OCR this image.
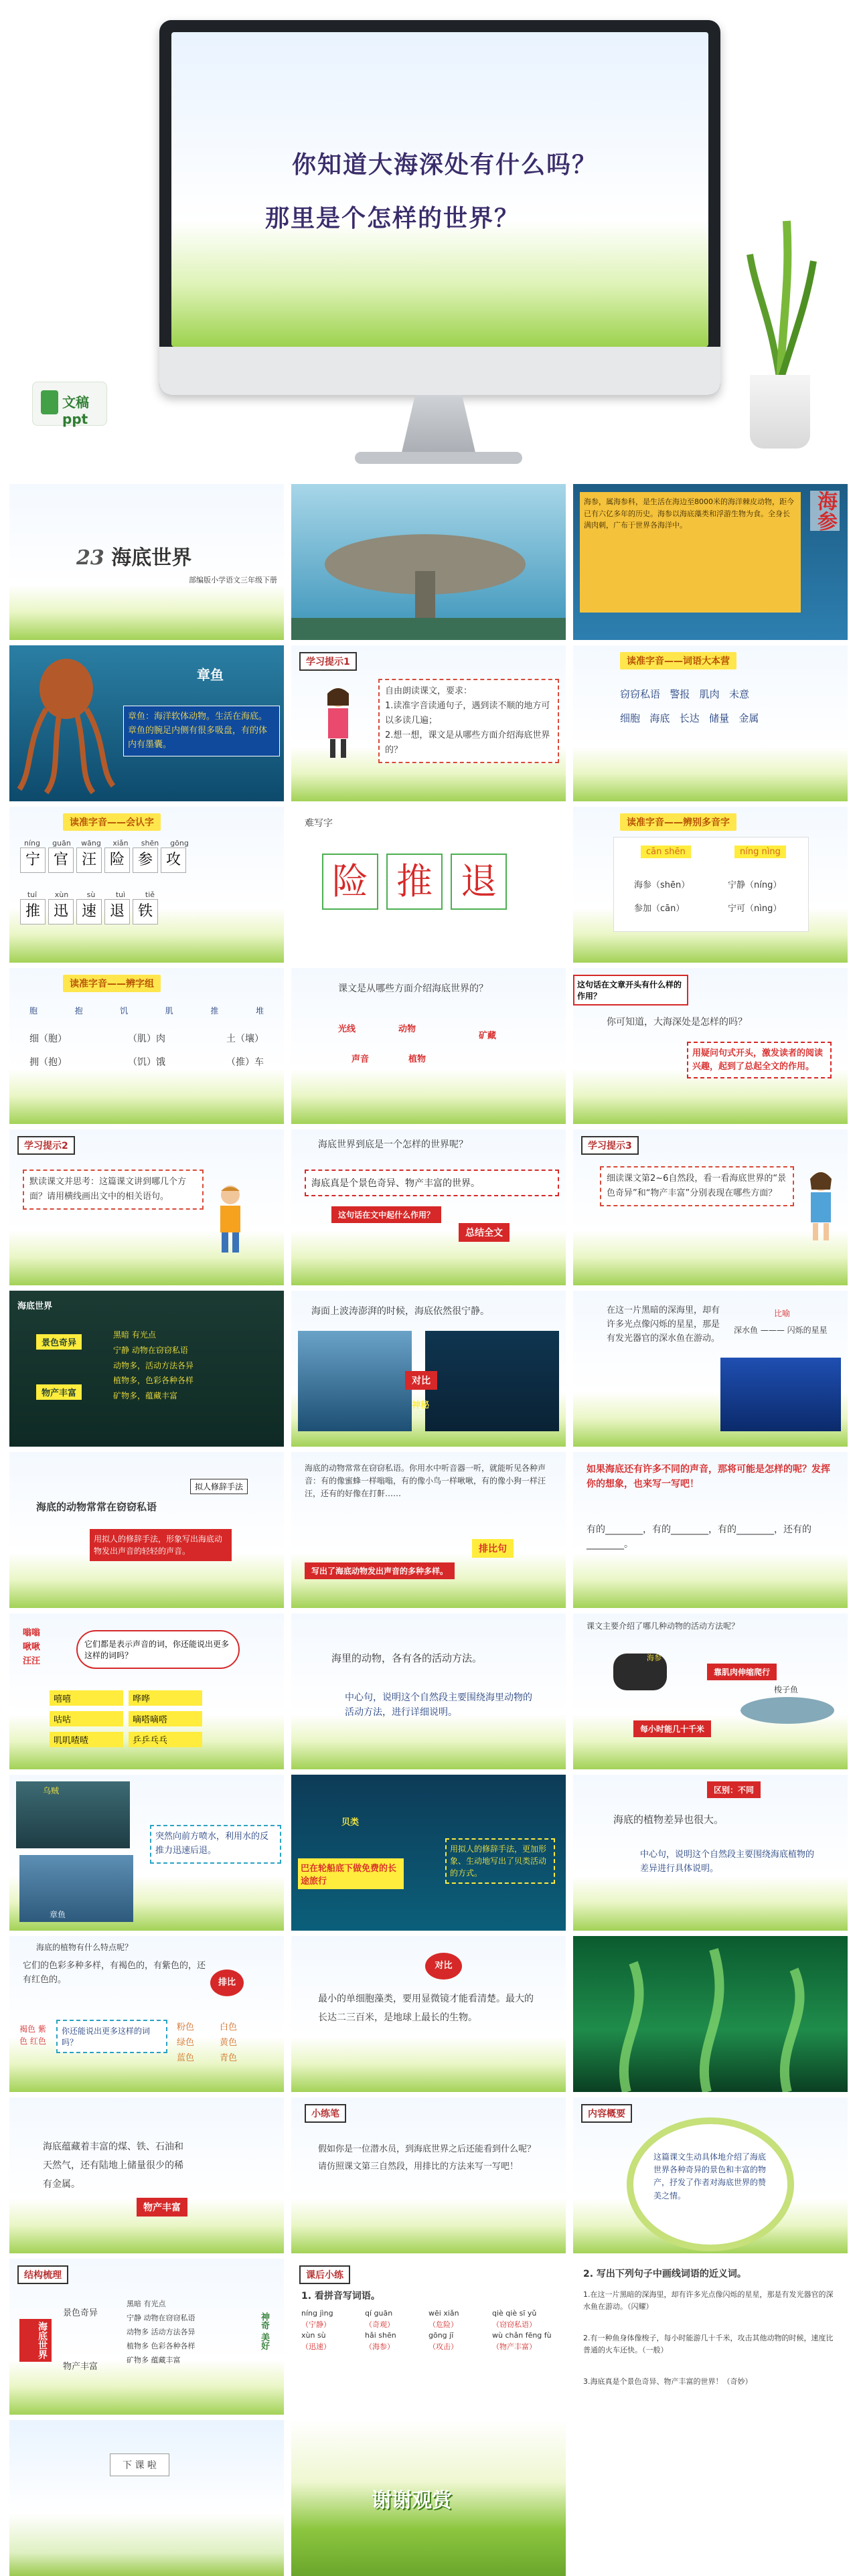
你知道大海深处有什么吗？
那里是个怎样的世界？
文稿ppt
23 海底世界
部编版小学语文三年级下册
海参，属海参科，是生活在海边至8000米的海洋棘皮动物，距今已有六亿多年的历史。海参以海底藻类和浮游生物为食。全身长满肉刺，广布于世界各海洋中。	海参
章鱼
章鱼：海洋软体动物。生活在海底。章鱼的腕足内侧有很多吸盘，有的体内有墨囊。
学习提示1
自由朗读课文，要求：
1.读准字音读通句子，遇到读不顺的地方可以多读几遍；
2.想一想，课文是从哪些方面介绍海底世界的？
读准字音——词语大本营
窃窃私语 警报 肌肉 未意
细胞 海底 长达 储量 金属
读准字音——会认字
níng	guān	wāng	xiǎn	shēn	gōng
宁 官 汪 险 参 攻
tuī	xùn	sù	tuì	tiě
推 迅 速 退 铁
难写字
险 推 退
读准字音——辨别多音字
cān shēn	níng nìng
海参（shēn）	宁静（níng）
参加（cān）	宁可（nìng）
读准字音——辨字组
胞	抱	饥	肌	推	堆
细（胞）	（肌）肉	土（壤）
拥（抱）	（饥）饿	（推）车
课文是从哪些方面介绍海底世界的？
光线	动物
矿藏
声音	植物
这句话在文章开头有什么样的作用？
你可知道，大海深处是怎样的吗？
用疑问句式开头，激发读者的阅读兴趣，起到了总起全文的作用。
学习提示2
默读课文并思考：这篇课文讲到哪几个方面？请用横线画出文中的相关语句。
海底世界到底是一个怎样的世界呢？
海底真是个景色奇异、物产丰富的世界。
这句话在文中起什么作用？
总结全文
学习提示3
细读课文第2~6自然段，看一看海底世界的“景色奇异”和“物产丰富”分别表现在哪些方面？
海底世界
景色奇异
物产丰富
黑暗 有光点
宁静 动物在窃窃私语
动物多，活动方法各异
植物多，色彩各种各样
矿物多，蕴藏丰富
海面上波涛澎湃的时候，海底依然很宁静。
对比
神秘
在这一片黑暗的深海里，却有许多光点像闪烁的星星，那是有发光器官的深水鱼在游动。
比喻
深水鱼 ——— 闪烁的星星
拟人修辞手法
海底的动物常常在窃窃私语
用拟人的修辞手法，形象写出海底动物发出声音的轻轻的声音。
海底的动物常常在窃窃私语。你用水中听音器一听，就能听见各种声音：有的像蜜蜂一样嗡嗡，有的像小鸟一样啾啾，有的像小狗一样汪汪，还有的好像在打鼾……
排比句
写出了海底动物发出声音的多种多样。
如果海底还有许多不同的声音，那将可能是怎样的呢？发挥你的想象，也来写一写吧！
有的________，有的________，有的________，还有的________。
嗡嗡
啾啾
汪汪
它们都是表示声音的词，你还能说出更多这样的词吗？
嘻嘻	哗哗
咕咕	嘀嗒嘀嗒
叽叽喳喳	乒乒乓乓
海里的动物，各有各的活动方法。
中心句，说明这个自然段主要围绕海里动物的活动方法，进行详细说明。
课文主要介绍了哪几种动物的活动方法呢？
海参
靠肌肉伸缩爬行
梭子鱼
每小时能几十千米
乌贼
章鱼
突然向前方喷水，利用水的反推力迅速后退。
贝类
巴在轮船底下做免费的长途旅行
用拟人的修辞手法，更加形象、生动地写出了贝类活动的方式。
区别：不同
海底的植物差异也很大。
中心句，说明这个自然段主要围绕海底植物的差异进行具体说明。
海底的植物有什么特点呢？
它们的色彩多种多样，有褐色的，有紫色的，还有红色的。	排比
褐色 紫色 红色
你还能说出更多这样的词吗？
粉色	白色
绿色	黄色
蓝色	青色
对比
最小的单细胞藻类，要用显微镜才能看清楚。最大的长达二三百米，是地球上最长的生物。
海底蕴藏着丰富的煤、铁、石油和天然气，还有陆地上储量很少的稀有金属。
物产丰富
小练笔
假如你是一位潜水员，到海底世界之后还能看到什么呢？请仿照课文第三自然段，用排比的方法来写一写吧！
内容概要
这篇课文生动具体地介绍了海底世界各种奇异的景色和丰富的物产，抒发了作者对海底世界的赞美之情。
结构梳理
海底世界
景色奇异
物产丰富
黑暗 有光点
宁静 动物在窃窃私语
动物多 活动方法各异
植物多 色彩各种各样
矿物多 蕴藏丰富
神奇 美好
课后小练
1. 看拼音写词语。
níng jìng	qí guān	wēi xiǎn	qiè qiè sī yǔ
（宁静）	（奇观）	（危险）	（窃窃私语）
xùn sù	hǎi shēn	gōng jī	wù chǎn fēng fù
（迅速）	（海参）	（攻击）	（物产丰富）
2. 写出下列句子中画线词语的近义词。
1.在这一片黑暗的深海里，却有许多光点像闪烁的星星，那是有发光器官的深水鱼在游动。（闪耀）
2.有一种鱼身体像梭子，每小时能游几十千米，攻击其他动物的时候，速度比普通的火车还快。（一般）
3.海底真是个景色奇异、物产丰富的世界！（奇妙）
下 课 啦
谢谢观赏
